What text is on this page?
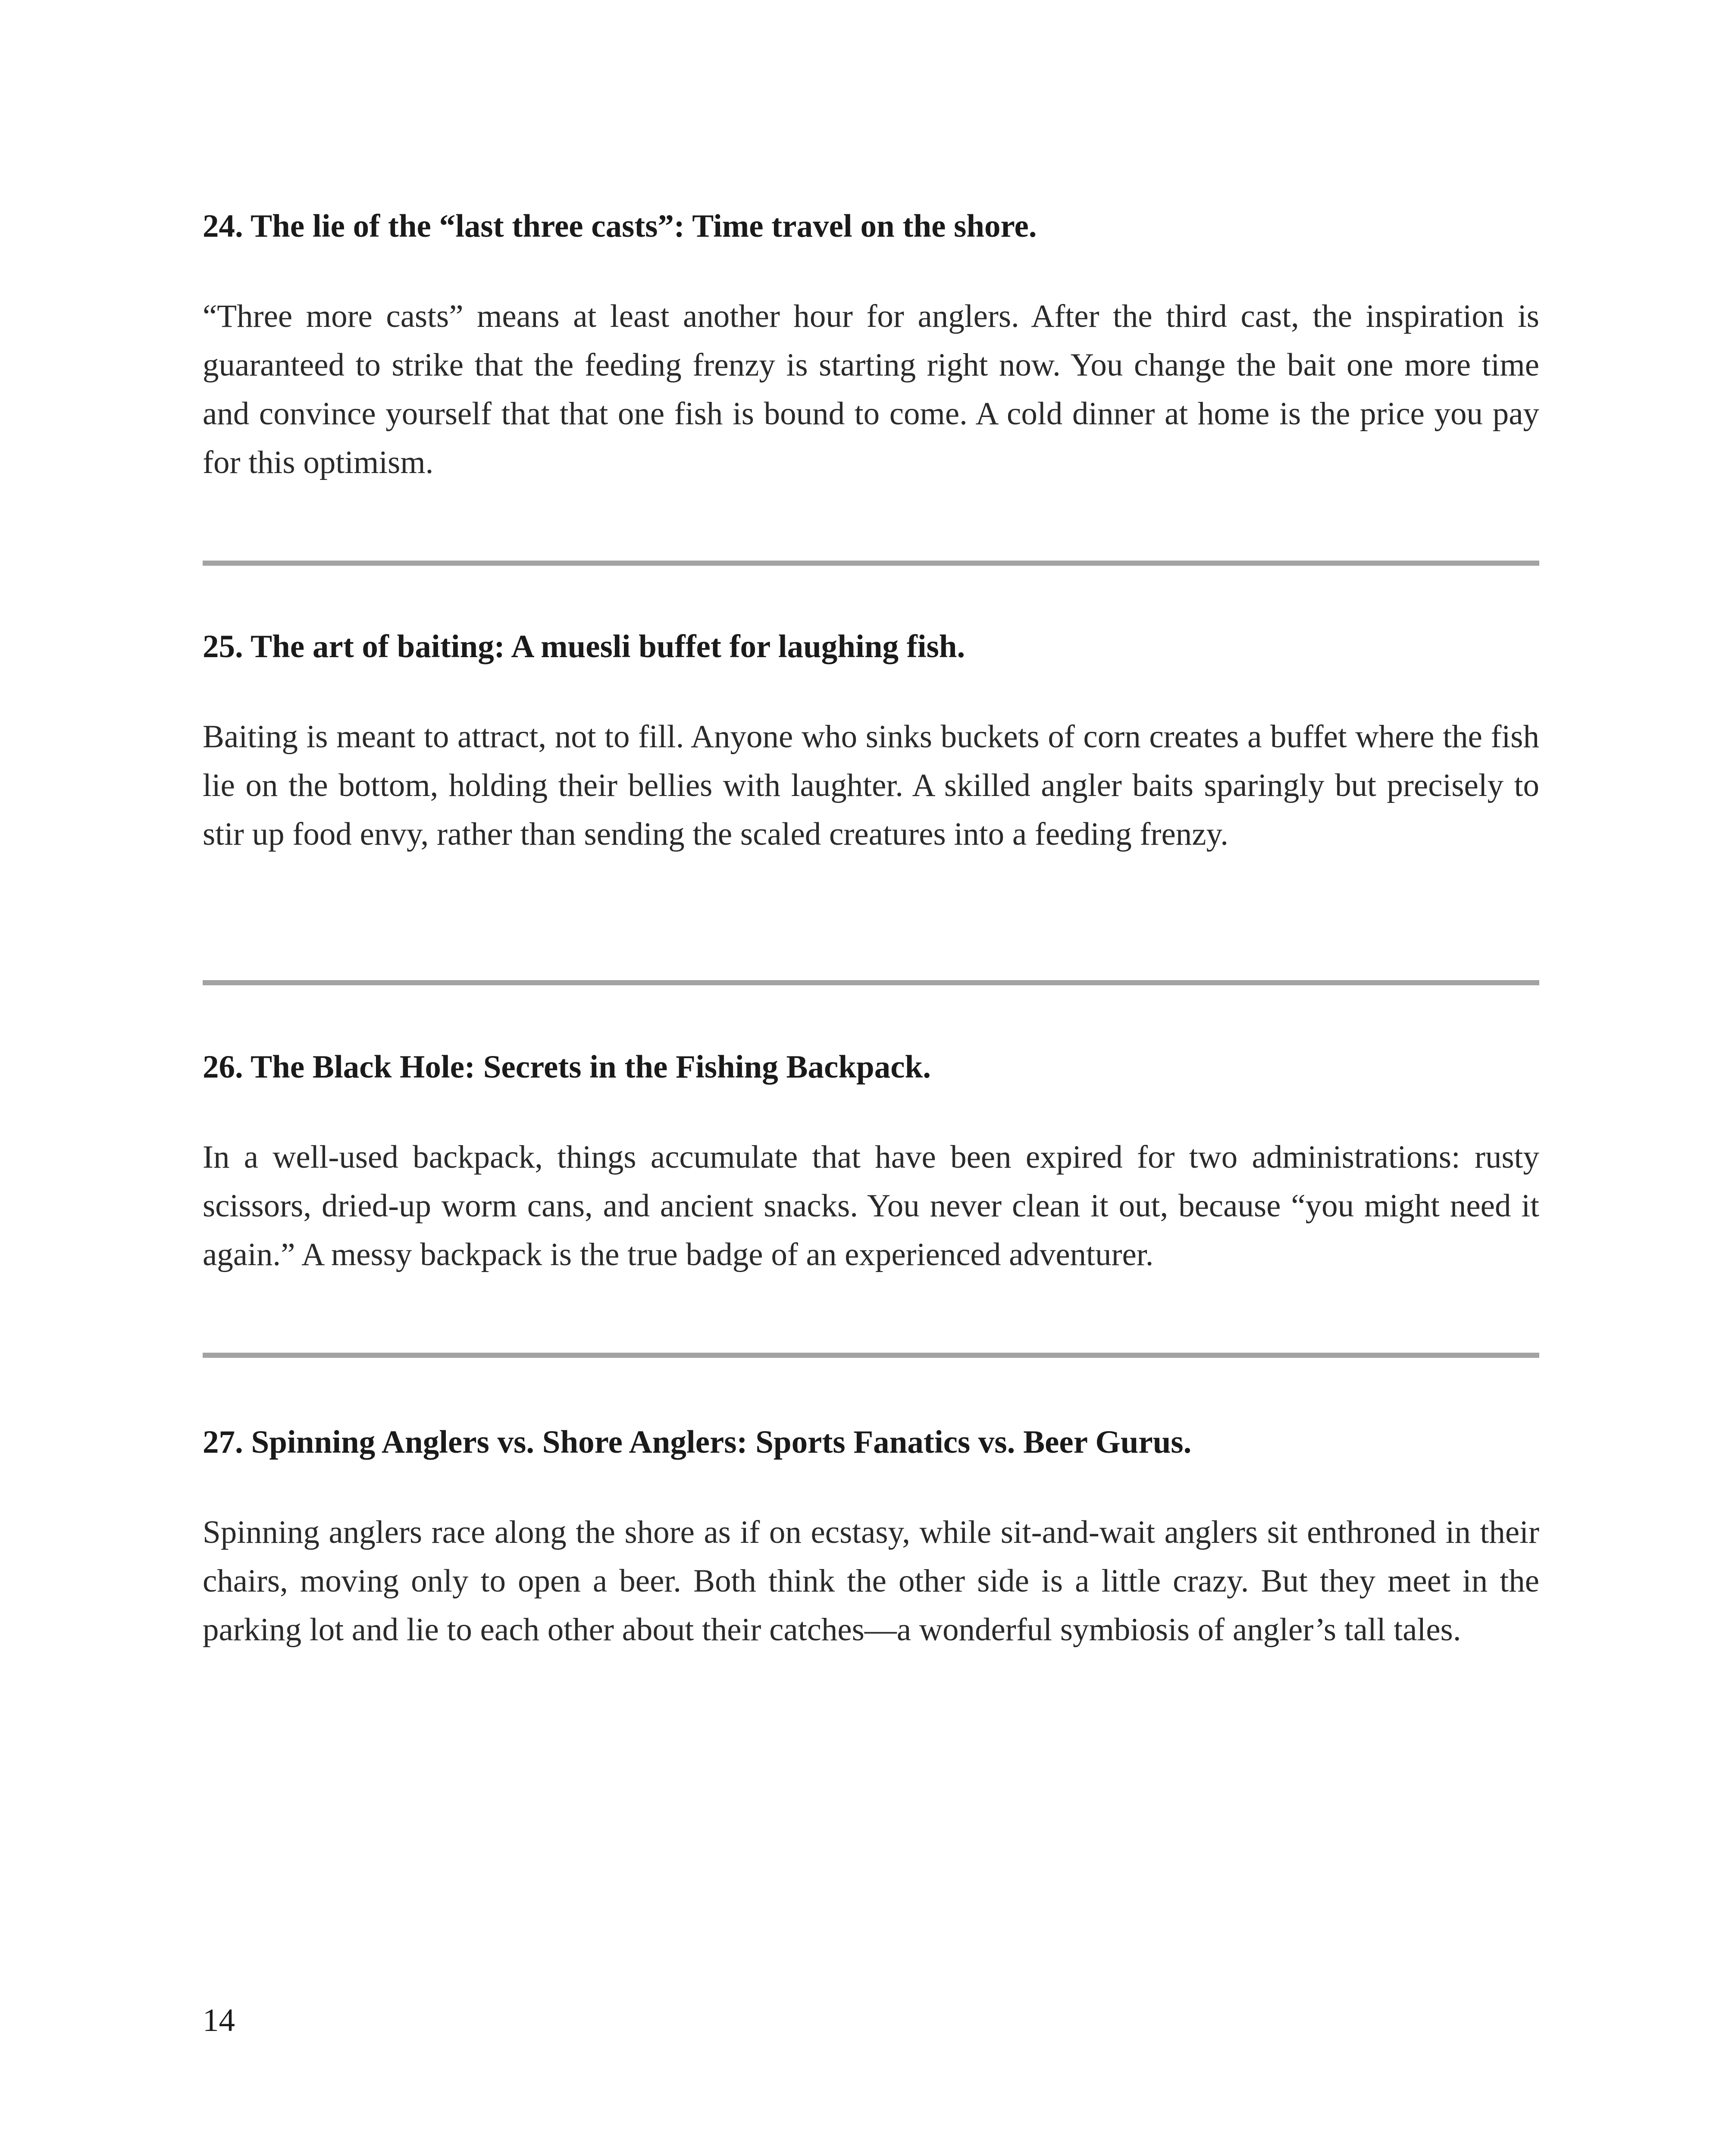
24. The lie of the “last three casts”: Time travel on the shore.

“Three more casts” means at least another hour for anglers. After the third cast, the inspiration is guaranteed to strike that the feeding frenzy is starting right now. You change the bait one more time and convince yourself that that one fish is bound to come. A cold dinner at home is the price you pay for this optimism.

25. The art of baiting: A muesli buffet for laughing fish.

Baiting is meant to attract, not to fill. Anyone who sinks buckets of corn creates a buffet where the fish lie on the bottom, holding their bellies with laughter. A skilled angler baits sparingly but precisely to stir up food envy, rather than sending the scaled creatures into a feeding frenzy.

26. The Black Hole: Secrets in the Fishing Backpack.

In a well-used backpack, things accumulate that have been expired for two administrations: rusty scissors, dried-up worm cans, and ancient snacks. You never clean it out, because “you might need it again.” A messy backpack is the true badge of an experienced adventurer.

27. Spinning Anglers vs. Shore Anglers: Sports Fanatics vs. Beer Gurus.

Spinning anglers race along the shore as if on ecstasy, while sit-and-wait anglers sit enthroned in their chairs, moving only to open a beer. Both think the other side is a little crazy. But they meet in the parking lot and lie to each other about their catches—a wonderful symbiosis of angler’s tall tales.

14
